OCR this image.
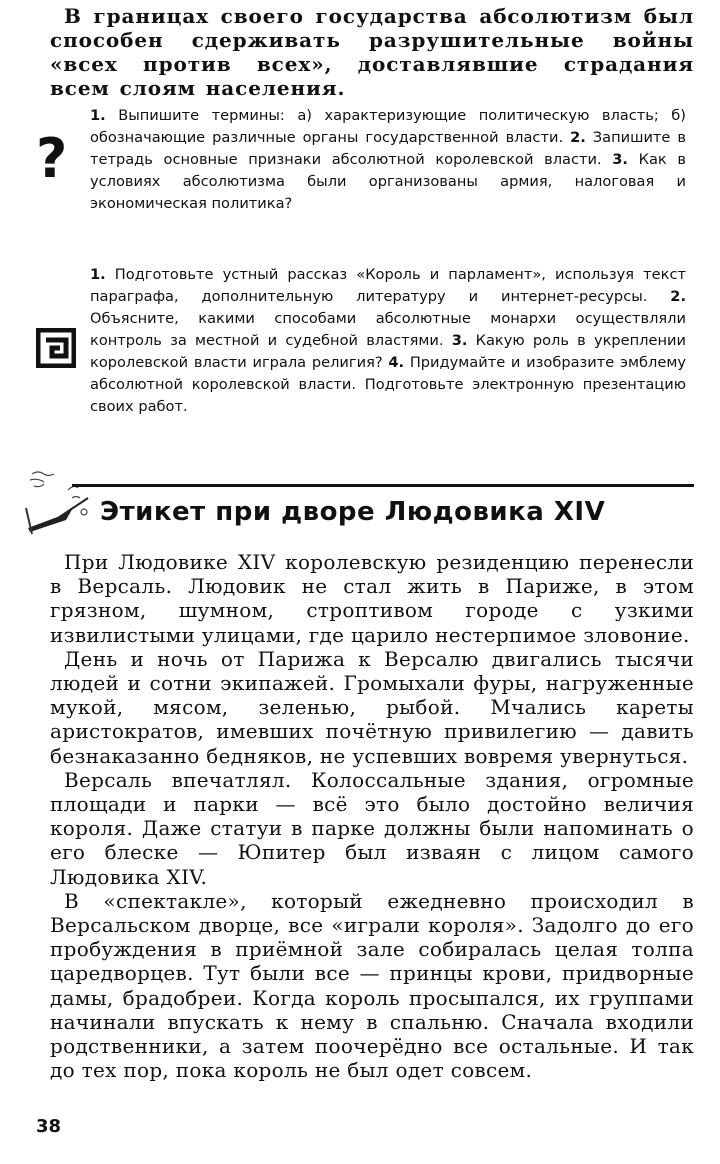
В границах своего государства абсолютизм был способен сдерживать разрушительные войны «всех против всех», доставлявшие страдания всем слоям населения.

?

1. Выпишите термины: а) характеризующие политическую власть; б) обозначающие различные органы государственной власти. 2. Запишите в тетрадь основные признаки абсолютной королевской власти. 3. Как в условиях абсолютизма были организованы армия, налоговая и экономическая политика?

1. Подготовьте устный рассказ «Король и парламент», используя текст параграфа, дополнительную литературу и интернет-ресурсы. 2. Объясните, какими способами абсолютные монархи осуществляли контроль за местной и судебной властями. 3. Какую роль в укреплении королевской власти играла религия? 4. Придумайте и изобразите эмблему абсолютной королевской власти. Подготовьте электронную презентацию своих работ.

Этикет при дворе Людовика XIV

При Людовике XIV королевскую резиденцию перенесли в Версаль. Людовик не стал жить в Париже, в этом грязном, шумном, строптивом городе с узкими извилистыми улицами, где царило нестерпимое зловоние.

День и ночь от Парижа к Версалю двигались тысячи людей и сотни экипажей. Громыхали фуры, нагруженные мукой, мясом, зеленью, рыбой. Мчались кареты аристократов, имевших почётную привилегию — давить безнаказанно бедняков, не успевших вовремя увернуться.

Версаль впечатлял. Колоссальные здания, огромные площади и парки — всё это было достойно величия короля. Даже статуи в парке должны были напоминать о его блеске — Юпитер был изваян с лицом самого Людовика XIV.

В «спектакле», который ежедневно происходил в Версальском дворце, все «играли короля». Задолго до его пробуждения в приёмной зале собиралась целая толпа царедворцев. Тут были все — принцы крови, придворные дамы, брадобреи. Когда король просыпался, их группами начинали впускать к нему в спальню. Сначала входили родственники, а затем поочерёдно все остальные. И так до тех пор, пока король не был одет совсем.

38
